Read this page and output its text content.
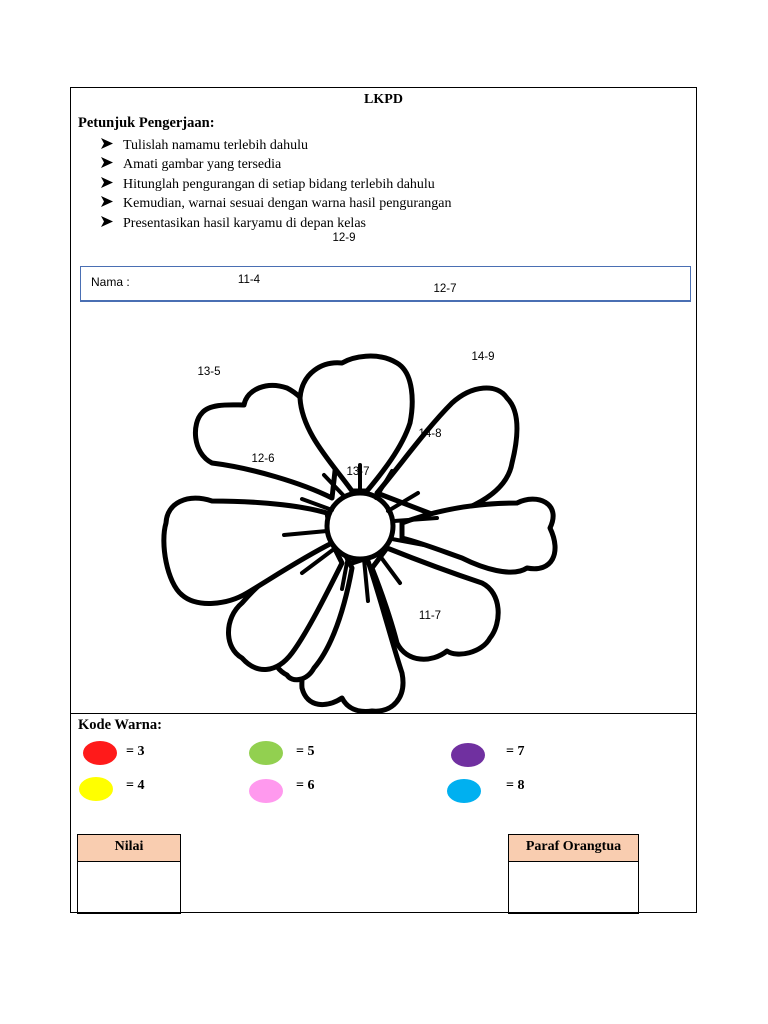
LKPD
Petunjuk Pengerjaan:
Tulislah namamu terlebih dahulu
Amati gambar yang tersedia
Hitunglah pengurangan di setiap bidang terlebih dahulu
Kemudian, warnai sesuai dengan warna hasil pengurangan
Presentasikan hasil karyamu di depan kelas
Nama :
11-7
12-9
12-7
14-9
14-8
13-7
12-6
13-5
11-4
Kode Warna:
= 3
= 4
= 5
= 6
= 7
= 8
Nilai	Paraf Orangtua
